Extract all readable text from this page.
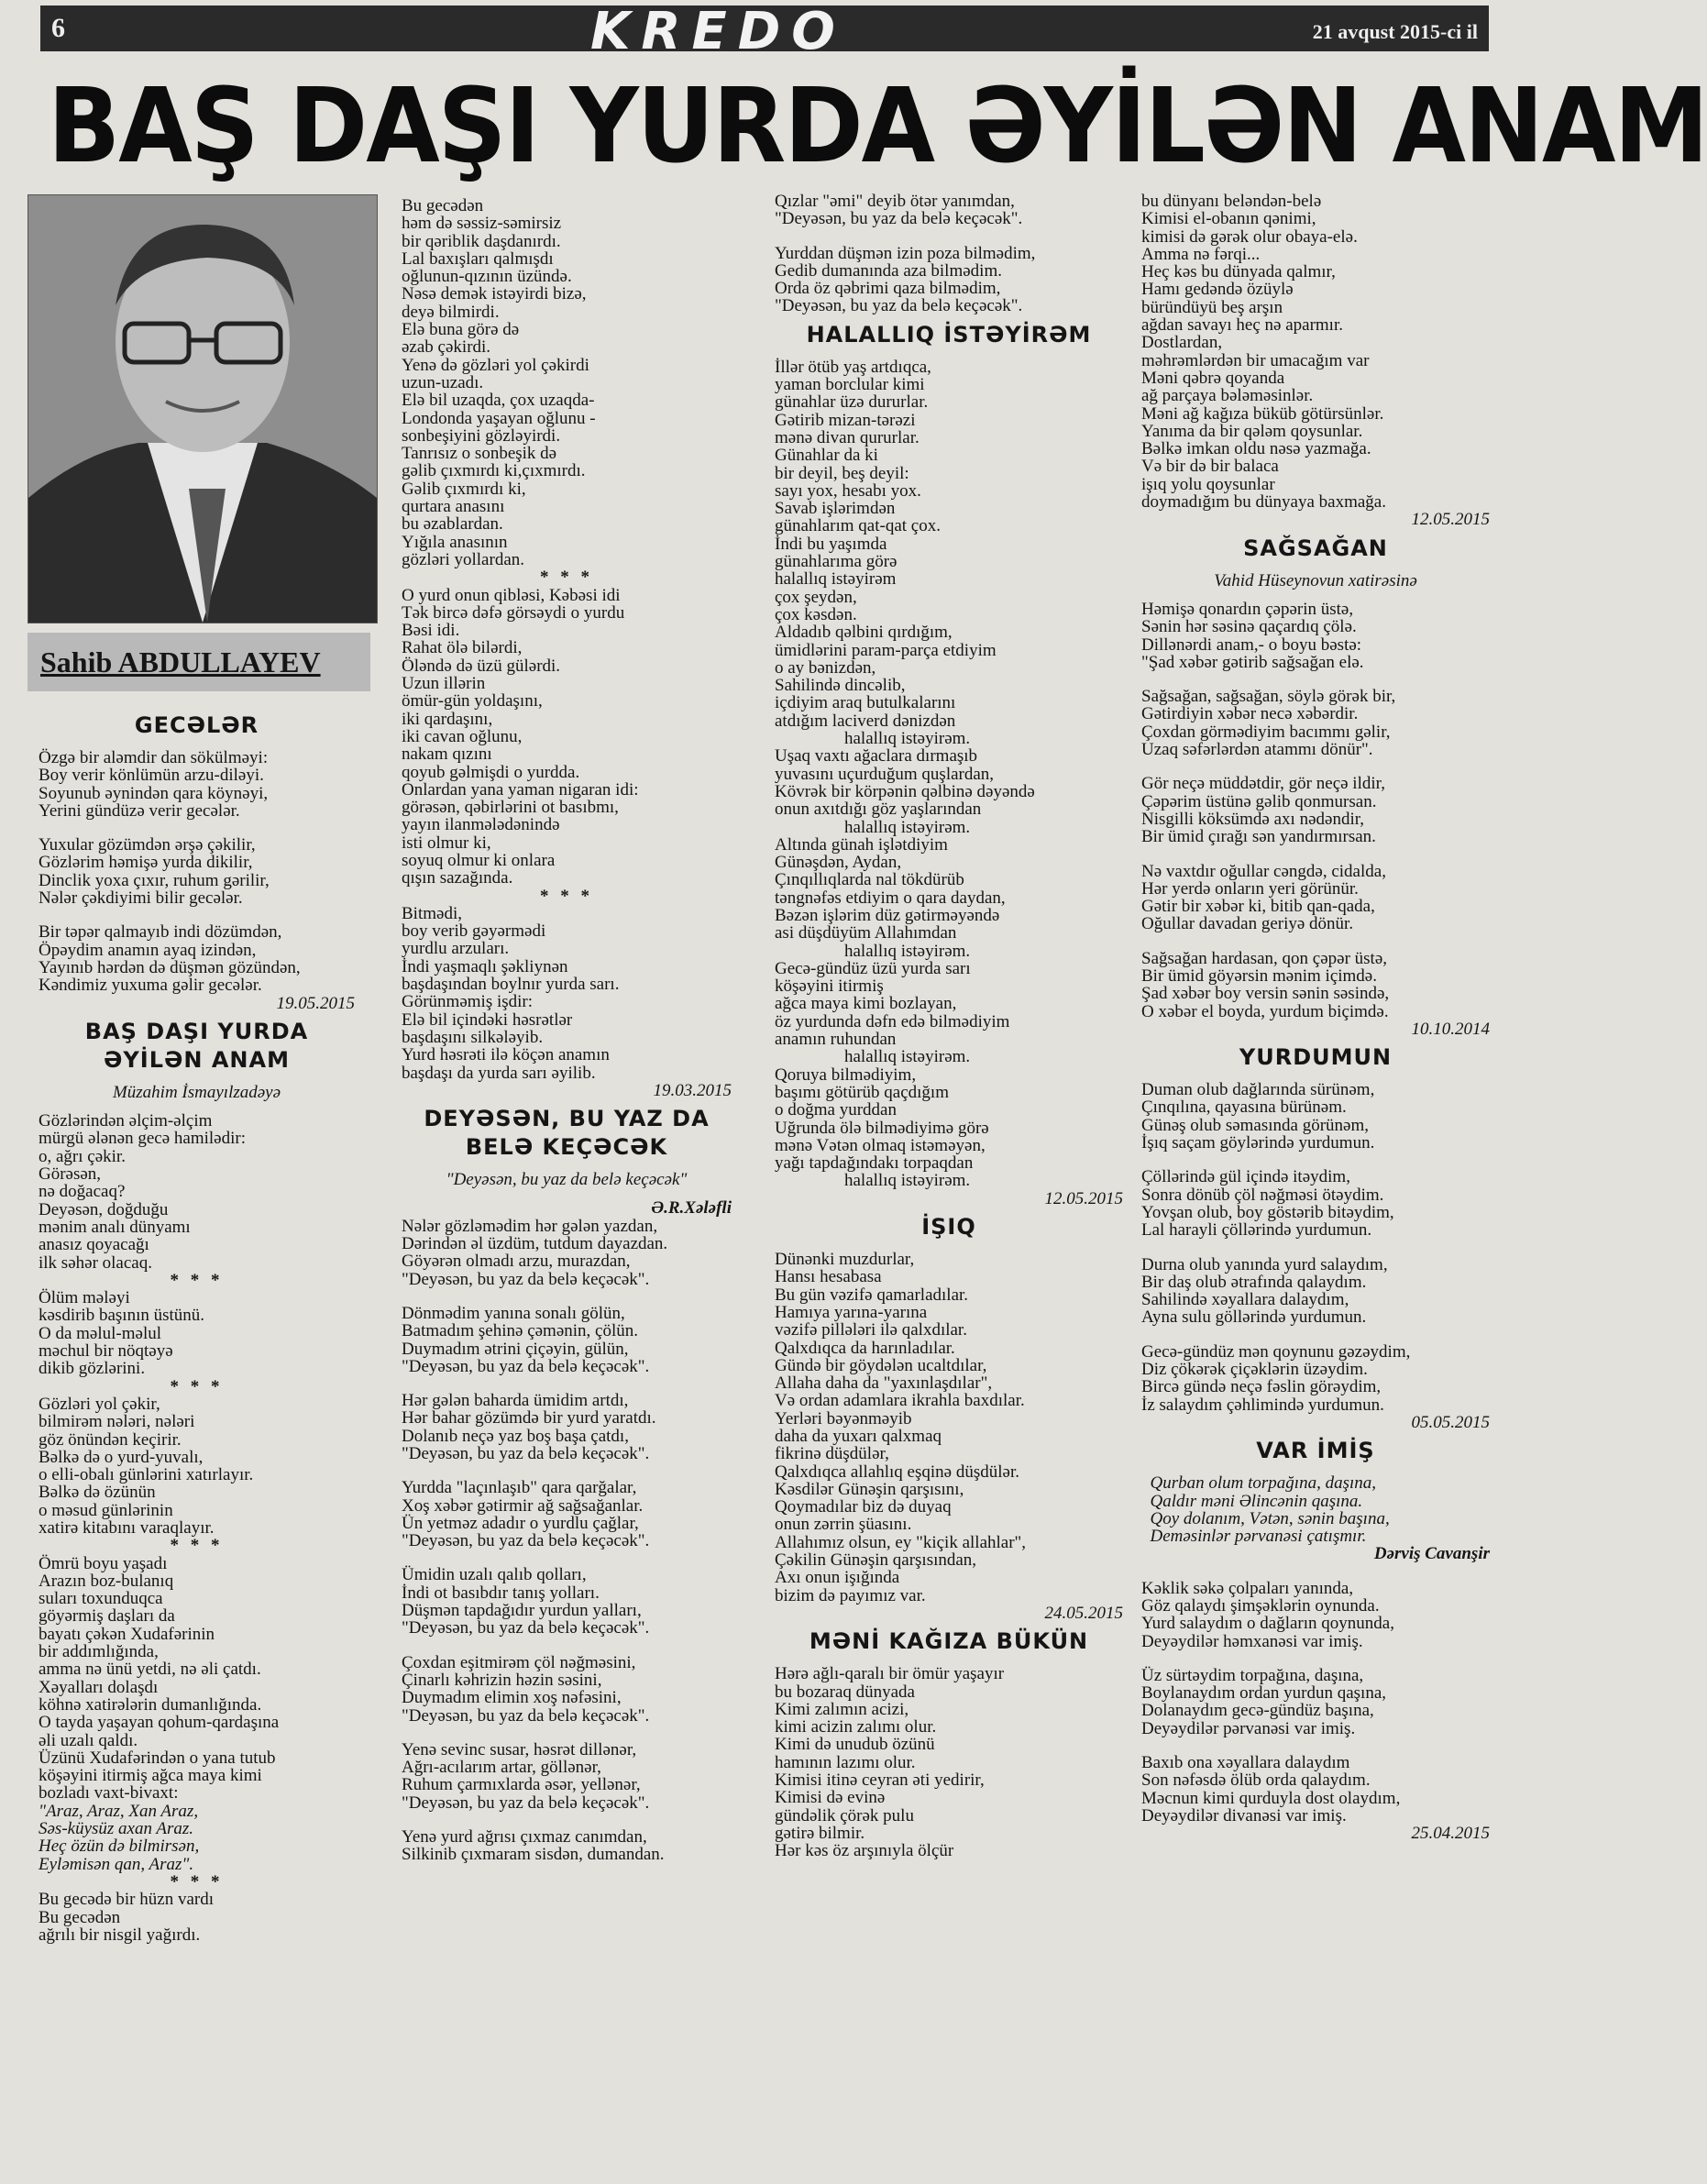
6	KREDO	21 avqust 2015-ci il
BAŞ DAŞI YURDA ƏYİLƏN ANAM
Sahib ABDULLAYEV
GECƏLƏR
Özgə bir aləmdir dan sökülməyi:
Boy verir könlümün arzu-diləyi.
Soyunub əynindən qara köynəyi,
Yerini gündüzə verir gecələr.
Yuxular gözümdən ərşə çəkilir,
Gözlərim həmişə yurda dikilir,
Dinclik yoxa çıxır, ruhum gərilir,
Nələr çəkdiyimi bilir gecələr.
Bir təpər qalmayıb indi dözümdən,
Öpəydim anamın ayaq izindən,
Yayınıb hərdən də düşmən gözündən,
Kəndimiz yuxuma gəlir gecələr.
19.05.2015
BAŞ DAŞI YURDA
ƏYİLƏN ANAM
Müzahim İsmayılzadəyə
Gözlərindən əlçim-əlçim
mürgü ələnən gecə hamilədir:
o, ağrı çəkir.
Görəsən,
nə doğacaq?
Deyəsən, doğduğu
mənim analı dünyamı
anasız qoyacağı
ilk səhər olacaq.
* * *
Ölüm mələyi
kəsdirib başının üstünü.
O da məlul-məlul
məchul bir nöqtəyə
dikib gözlərini.
* * *
Gözləri yol çəkir,
bilmirəm nələri, nələri
göz önündən keçirir.
Bəlkə də o yurd-yuvalı,
o elli-obalı günlərini xatırlayır.
Bəlkə də özünün
o məsud günlərinin
xatirə kitabını varaqlayır.
* * *
Ömrü boyu yaşadı
Arazın boz-bulanıq
suları toxunduqca
göyərmiş daşları da
bayatı çəkən Xudafərinin
bir addımlığında,
amma nə ünü yetdi, nə əli çatdı.
Xəyalları dolaşdı
köhnə xatirələrin dumanlığında.
O tayda yaşayan qohum-qardaşına
əli uzalı qaldı.
Üzünü Xudafərindən o yana tutub
köşəyini itirmiş ağca maya kimi
bozladı vaxt-bivaxt:
"Araz, Araz, Xan Araz,
Səs-küysüz axan Araz.
Heç özün də bilmirsən,
Eyləmisən qan, Araz".
* * *
Bu gecədə bir hüzn vardı
Bu gecədən
ağrılı bir nisgil yağırdı.
Bu gecədən
həm də səssiz-səmirsiz
bir qəriblik daşdanırdı.
Lal baxışları qalmışdı
oğlunun-qızının üzündə.
Nəsə demək istəyirdi bizə,
deyə bilmirdi.
Elə buna görə də
əzab çəkirdi.
Yenə də gözləri yol çəkirdi
uzun-uzadı.
Elə bil uzaqda, çox uzaqda-
Londonda yaşayan oğlunu -
sonbeşiyini gözləyirdi.
Tanrısız o sonbeşik də
gəlib çıxmırdı ki,çıxmırdı.
Gəlib çıxmırdı ki,
qurtara anasını
bu əzablardan.
Yığıla anasının
gözləri yollardan.
* * *
O yurd onun qibləsi, Kəbəsi idi
Tək bircə dəfə görsəydi o yurdu
Bəsi idi.
Rahat ölə bilərdi,
Öləndə də üzü gülərdi.
Uzun illərin
ömür-gün yoldaşını,
iki qardaşını,
iki cavan oğlunu,
nakam qızını
qoyub gəlmişdi o yurdda.
Onlardan yana yaman nigaran idi:
görəsən, qəbirlərini ot basıbmı,
yayın ilanmələdənində
isti olmur ki,
soyuq olmur ki onlara
qışın sazağında.
* * *
Bitmədi,
boy verib gəyərmədi
yurdlu arzuları.
İndi yaşmaqlı şəkliynən
başdaşından boylnır yurda sarı.
Görünməmiş işdir:
Elə bil içindəki həsrətlər
başdaşını silkələyib.
Yurd həsrəti ilə köçən anamın
başdaşı da yurda sarı əyilib.
19.03.2015
DEYƏSƏN, BU YAZ DA
BELƏ KEÇƏCƏK
"Deyəsən, bu yaz da belə keçəcək"
Ə.R.Xələfli
Nələr gözləmədim hər gələn yazdan,
Dərindən əl üzdüm, tutdum dayazdan.
Göyərən olmadı arzu, murazdan,
"Deyəsən, bu yaz da belə keçəcək".
Dönmədim yanına sonalı gölün,
Batmadım şehinə çəmənin, çölün.
Duymadım ətrini çiçəyin, gülün,
"Deyəsən, bu yaz da belə keçəcək".
Hər gələn baharda ümidim artdı,
Hər bahar gözümdə bir yurd yaratdı.
Dolanıb neçə yaz boş başa çatdı,
"Deyəsən, bu yaz da belə keçəcək".
Yurdda "laçınlaşıb" qara qarğalar,
Xoş xəbər gətirmir ağ sağsağanlar.
Ün yetməz adadır o yurdlu çağlar,
"Deyəsən, bu yaz da belə keçəcək".
Ümidin uzalı qalıb qolları,
İndi ot basıbdır tanış yolları.
Düşmən tapdağıdır yurdun yalları,
"Deyəsən, bu yaz da belə keçəcək".
Çoxdan eşitmirəm çöl nəğməsini,
Çinarlı kəhrizin həzin səsini,
Duymadım elimin xoş nəfəsini,
"Deyəsən, bu yaz da belə keçəcək".
Yenə sevinc susar, həsrət dillənər,
Ağrı-acılarım artar, göllənər,
Ruhum çarmıxlarda əsər, yellənər,
"Deyəsən, bu yaz da belə keçəcək".
Yenə yurd ağrısı çıxmaz canımdan,
Silkinib çıxmaram sisdən, dumandan.
Qızlar "əmi" deyib ötər yanımdan,
"Deyəsən, bu yaz da belə keçəcək".
Yurddan düşmən izin poza bilmədim,
Gedib dumanında aza bilmədim.
Orda öz qəbrimi qaza bilmədim,
"Deyəsən, bu yaz da belə keçəcək".
HALALLIQ İSTƏYİRƏM
İllər ötüb yaş artdıqca,
yaman borclular kimi
günahlar üzə dururlar.
Gətirib mizan-tərəzi
mənə divan qururlar.
Günahlar da ki
bir deyil, beş deyil:
sayı yox, hesabı yox.
Savab işlərimdən
günahlarım qat-qat çox.
İndi bu yaşımda
günahlarıma görə
halallıq istəyirəm
çox şeydən,
çox kəsdən.
Aldadıb qəlbini qırdığım,
ümidlərini param-parça etdiyim
o ay bənizdən,
Sahilində dincəlib,
içdiyim araq butulkalarını
atdığım laciverd dənizdən
halallıq istəyirəm.
Uşaq vaxtı ağaclara dırmaşıb
yuvasını uçurduğum quşlardan,
Kövrək bir körpənin qəlbinə dəyəndə
onun axıtdığı göz yaşlarından
halallıq istəyirəm.
Altında günah işlətdiyim
Günəşdən, Aydan,
Çınqıllıqlarda nal tökdürüb
təngnəfəs etdiyim o qara daydan,
Bəzən işlərim düz gətirməyəndə
asi düşdüyüm Allahımdan
halallıq istəyirəm.
Gecə-gündüz üzü yurda sarı
köşəyini itirmiş
ağca maya kimi bozlayan,
öz yurdunda dəfn edə bilmədiyim
anamın ruhundan
halallıq istəyirəm.
Qoruya bilmədiyim,
başımı götürüb qaçdığım
o doğma yurddan
Uğrunda ölə bilmədiyimə görə
mənə Vətən olmaq istəməyən,
yağı tapdağındakı torpaqdan
halallıq istəyirəm.
12.05.2015
İŞIQ
Dünənki muzdurlar,
Hansı hesabasa
Bu gün vəzifə qamarladılar.
Hamıya yarına-yarına
vəzifə pillələri ilə qalxdılar.
Qalxdıqca da harınladılar.
Gündə bir göydələn ucaltdılar,
Allaha daha da "yaxınlaşdılar",
Və ordan adamlara ikrahla baxdılar.
Yerləri bəyənməyib
daha da yuxarı qalxmaq
fikrinə düşdülər,
Qalxdıqca allahlıq eşqinə düşdülər.
Kəsdilər Günəşin qarşısını,
Qoymadılar biz də duyaq
onun zərrin şüasını.
Allahımız olsun, ey "kiçik allahlar",
Çəkilin Günəşin qarşısından,
Axı onun işığında
bizim də payımız var.
24.05.2015
MƏNİ KAĞIZA BÜKÜN
Hərə ağlı-qaralı bir ömür yaşayır
bu bozaraq dünyada
Kimi zalımın acizi,
kimi acizin zalımı olur.
Kimi də unudub özünü
hamının lazımı olur.
Kimisi itinə ceyran əti yedirir,
Kimisi də evinə
gündəlik çörək pulu
gətirə bilmir.
Hər kəs öz arşınıyla ölçür
bu dünyanı beləndən-belə
Kimisi el-obanın qənimi,
kimisi də gərək olur obaya-elə.
Amma nə fərqi...
Heç kəs bu dünyada qalmır,
Hamı gedəndə özüylə
büründüyü beş arşın
ağdan savayı heç nə aparmır.
Dostlardan,
məhrəmlərdən bir umacağım var
Məni qəbrə qoyanda
ağ parçaya bələməsinlər.
Məni ağ kağıza büküb götürsünlər.
Yanıma da bir qələm qoysunlar.
Bəlkə imkan oldu nəsə yazmağa.
Və bir də bir balaca
işıq yolu qoysunlar
doymadığım bu dünyaya baxmağa.
12.05.2015
SAĞSAĞAN
Vahid Hüseynovun xatirəsinə
Həmişə qonardın çəpərin üstə,
Sənin hər səsinə qaçardıq çölə.
Dillənərdi anam,- o boyu bəstə:
"Şad xəbər gətirib sağsağan elə.
Sağsağan, sağsağan, söylə görək bir,
Gətirdiyin xəbər necə xəbərdir.
Çoxdan görmədiyim bacımmı gəlir,
Uzaq səfərlərdən atammı dönür".
Gör neçə müddətdir, gör neçə ildir,
Çəpərim üstünə gəlib qonmursan.
Nisgilli köksümdə axı nədəndir,
Bir ümid çırağı sən yandırmırsan.
Nə vaxtdır oğullar cəngdə, cidalda,
Hər yerdə onların yeri görünür.
Gətir bir xəbər ki, bitib qan-qada,
Oğullar davadan geriyə dönür.
Sağsağan hardasan, qon çəpər üstə,
Bir ümid göyərsin mənim içimdə.
Şad xəbər boy versin sənin səsində,
O xəbər el boyda, yurdum biçimdə.
10.10.2014
YURDUMUN
Duman olub dağlarında sürünəm,
Çınqılına, qayasına bürünəm.
Günəş olub səmasında görünəm,
İşıq saçam göylərində yurdumun.
Çöllərində gül içində itəydim,
Sonra dönüb çöl nəğməsi ötəydim.
Yovşan olub, boy göstərib bitəydim,
Lal harayli çöllərində yurdumun.
Durna olub yanında yurd salaydım,
Bir daş olub ətrafında qalaydım.
Sahilində xəyallara dalaydım,
Ayna sulu göllərində yurdumun.
Gecə-gündüz mən qoynunu gəzəydim,
Diz çökərək çiçəklərin üzəydim.
Bircə gündə neçə fəslin görəydim,
İz salaydım çəhlimində yurdumun.
05.05.2015
VAR İMİŞ
Qurban olum torpağına, daşına,
Qaldır məni Əlincənin qaşına.
Qoy dolanım, Vətən, sənin başına,
Deməsinlər pərvanəsi çatışmır.
Dərviş Cavanşir
Kəklik səkə çolpaları yanında,
Göz qalaydı şimşəklərin oynunda.
Yurd salaydım o dağların qoynunda,
Deyəydilər həmxanəsi var imiş.
Üz sürtəydim torpağına, daşına,
Boylanaydım ordan yurdun qaşına,
Dolanaydım gecə-gündüz başına,
Deyəydilər pərvanəsi var imiş.
Baxıb ona xəyallara dalaydım
Son nəfəsdə ölüb orda qalaydım.
Məcnun kimi qurduyla dost olaydım,
Deyəydilər divanəsi var imiş.
25.04.2015
